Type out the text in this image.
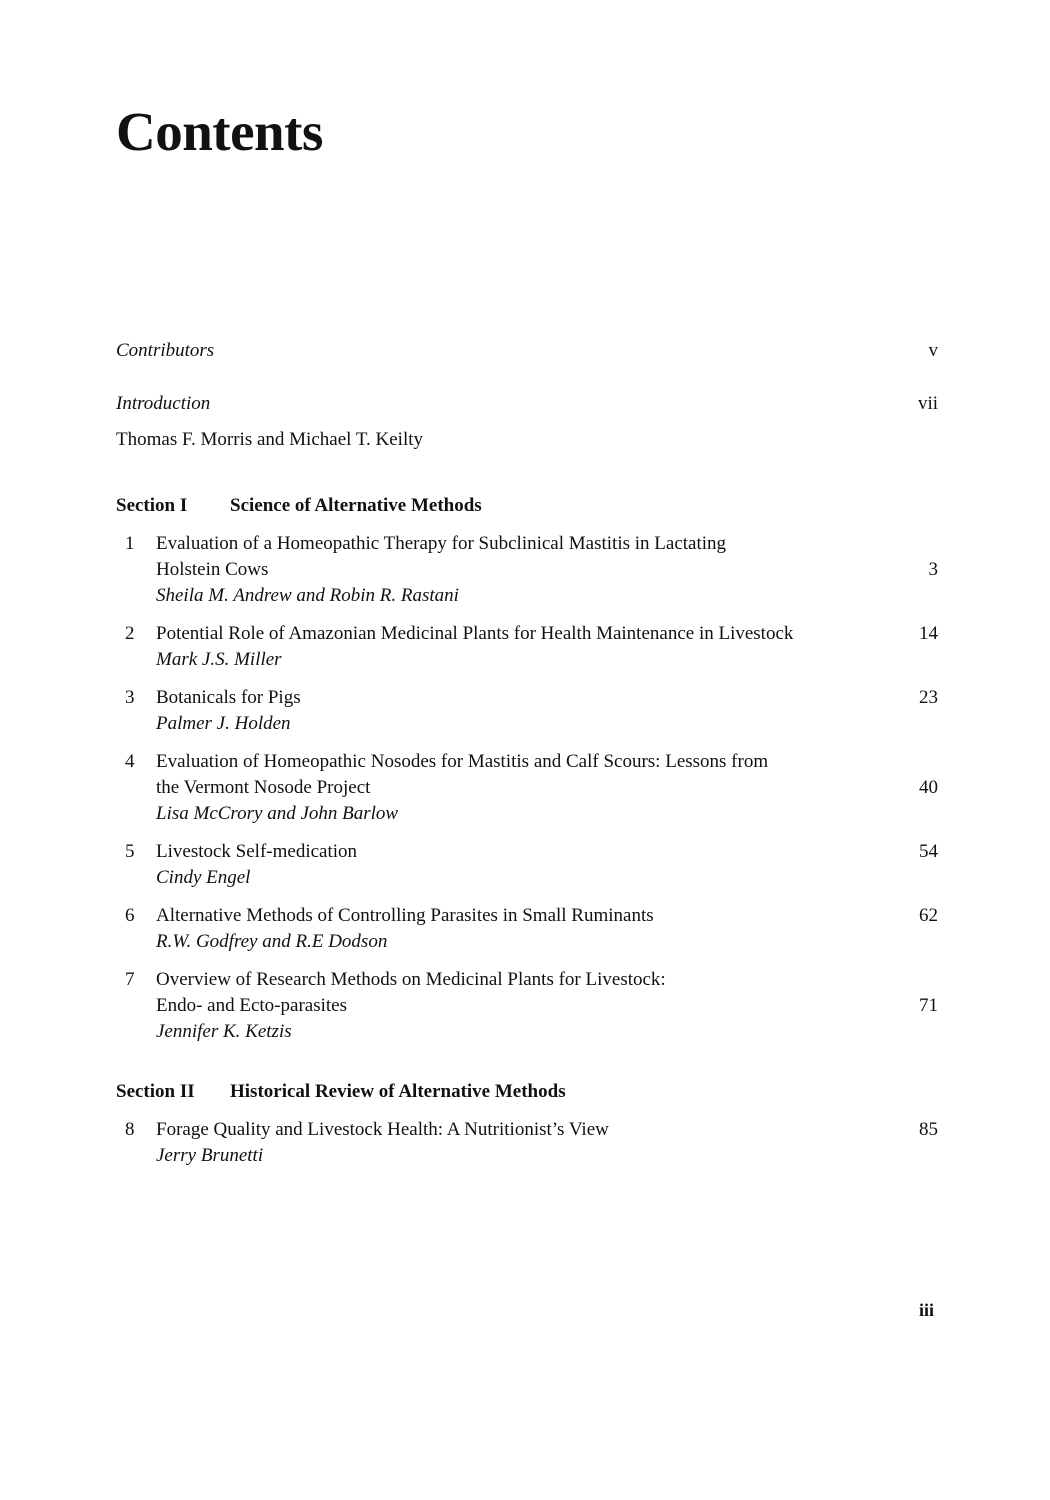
Contents
Contributors	v
Introduction	vii
Thomas F. Morris and Michael T. Keilty
Section I	Science of Alternative Methods
1 Evaluation of a Homeopathic Therapy for Subclinical Mastitis in Lactating
Holstein Cows	3
Sheila M. Andrew and Robin R. Rastani
2 Potential Role of Amazonian Medicinal Plants for Health Maintenance in Livestock	14
Mark J.S. Miller
3 Botanicals for Pigs	23
Palmer J. Holden
4 Evaluation of Homeopathic Nosodes for Mastitis and Calf Scours: Lessons from
the Vermont Nosode Project	40
Lisa McCrory and John Barlow
5 Livestock Self-medication	54
Cindy Engel
6 Alternative Methods of Controlling Parasites in Small Ruminants	62
R.W. Godfrey and R.E Dodson
7 Overview of Research Methods on Medicinal Plants for Livestock:
Endo- and Ecto-parasites	71
Jennifer K. Ketzis
Section II	Historical Review of Alternative Methods
8 Forage Quality and Livestock Health: A Nutritionist’s View	85
Jerry Brunetti
iii
